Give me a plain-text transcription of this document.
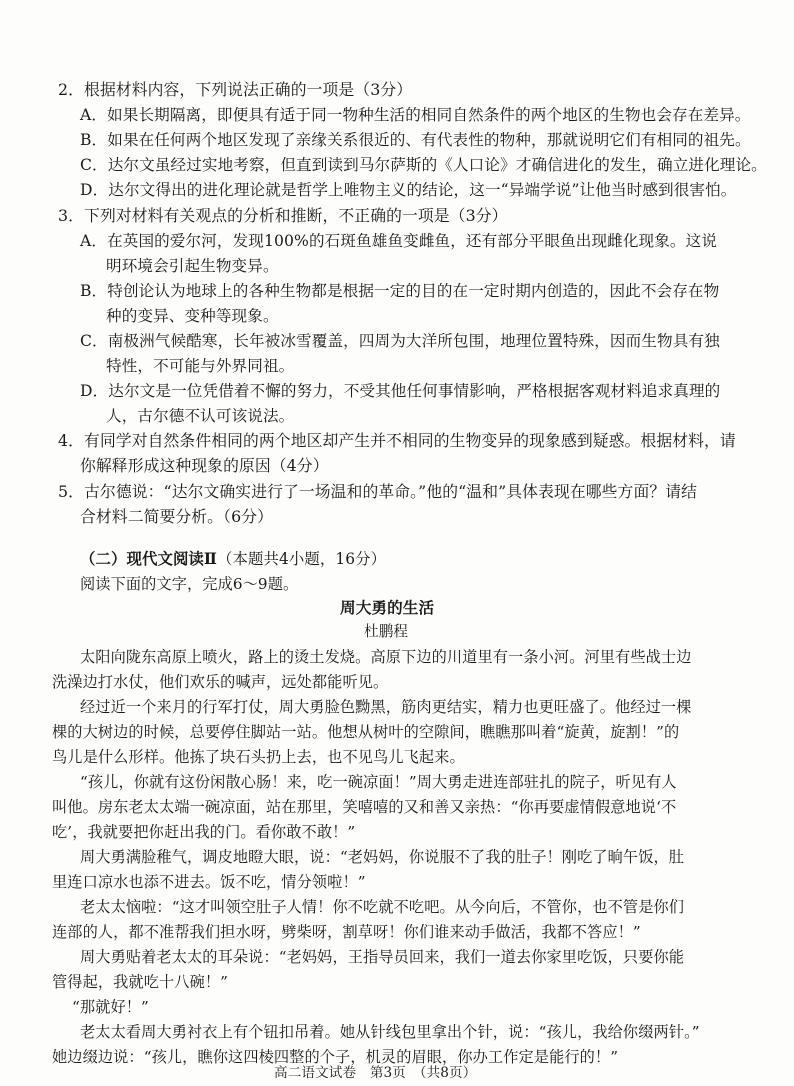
2．根据材料内容，下列说法正确的一项是（3分）
A．如果长期隔离，即便具有适于同一物种生活的相同自然条件的两个地区的生物也会存在差异。
B．如果在任何两个地区发现了亲缘关系很近的、有代表性的物种，那就说明它们有相同的祖先。
C．达尔文虽经过实地考察，但直到读到马尔萨斯的《人口论》才确信进化的发生，确立进化理论。
D．达尔文得出的进化理论就是哲学上唯物主义的结论，这一“异端学说”让他当时感到很害怕。
3．下列对材料有关观点的分析和推断，不正确的一项是（3分）
A．在英国的爱尔河，发现100%的石斑鱼雄鱼变雌鱼，还有部分平眼鱼出现雌化现象。这说
明环境会引起生物变异。
B．特创论认为地球上的各种生物都是根据一定的目的在一定时期内创造的，因此不会存在物
种的变异、变种等现象。
C．南极洲气候酷寒，长年被冰雪覆盖，四周为大洋所包围，地理位置特殊，因而生物具有独
特性，不可能与外界同祖。
D．达尔文是一位凭借着不懈的努力，不受其他任何事情影响，严格根据客观材料追求真理的
人，古尔德不认可该说法。
4．有同学对自然条件相同的两个地区却产生并不相同的生物变异的现象感到疑惑。根据材料，请
你解释形成这种现象的原因（4分）
5．古尔德说：“达尔文确实进行了一场温和的革命。”他的“温和”具体表现在哪些方面？请结
合材料二简要分析。（6分）
（二）现代文阅读Ⅱ（本题共4小题，16分）
阅读下面的文字，完成6～9题。
周大勇的生活
杜鹏程
太阳向陇东高原上喷火，路上的烫土发烧。高原下边的川道里有一条小河。河里有些战士边
洗澡边打水仗，他们欢乐的喊声，远处都能听见。
经过近一个来月的行军打仗，周大勇脸色黝黑，筋肉更结实，精力也更旺盛了。他经过一棵
棵的大树边的时候，总要停住脚站一站。他想从树叶的空隙间，瞧瞧那叫着“旋黄，旋割！”的
鸟儿是什么形样。他拣了块石头扔上去，也不见鸟儿飞起来。
“孩儿，你就有这份闲散心肠！来，吃一碗凉面！”周大勇走进连部驻扎的院子，听见有人
叫他。房东老太太端一碗凉面，站在那里，笑嘻嘻的又和善又亲热：“你再要虚情假意地说‘不
吃’，我就要把你赶出我的门。看你敢不敢！”
周大勇满脸稚气，调皮地瞪大眼，说：“老妈妈，你说服不了我的肚子！刚吃了晌午饭，肚
里连口凉水也添不进去。饭不吃，情分领啦！”
老太太恼啦：“这才叫领空肚子人情！你不吃就不吃吧。从今向后，不管你，也不管是你们
连部的人，都不准帮我们担水呀，劈柴呀，割草呀！你们谁来动手做活，我都不答应！”
周大勇贴着老太太的耳朵说：“老妈妈，王指导员回来，我们一道去你家里吃饭，只要你能
管得起，我就吃十八碗！”
“那就好！”
老太太看周大勇衬衣上有个钮扣吊着。她从针线包里拿出个针，说：“孩儿，我给你缀两针。”
她边缀边说：“孩儿，瞧你这四棱四整的个子，机灵的眉眼，你办工作定是能行的！”
高二语文试卷　第3页　（共8页）
